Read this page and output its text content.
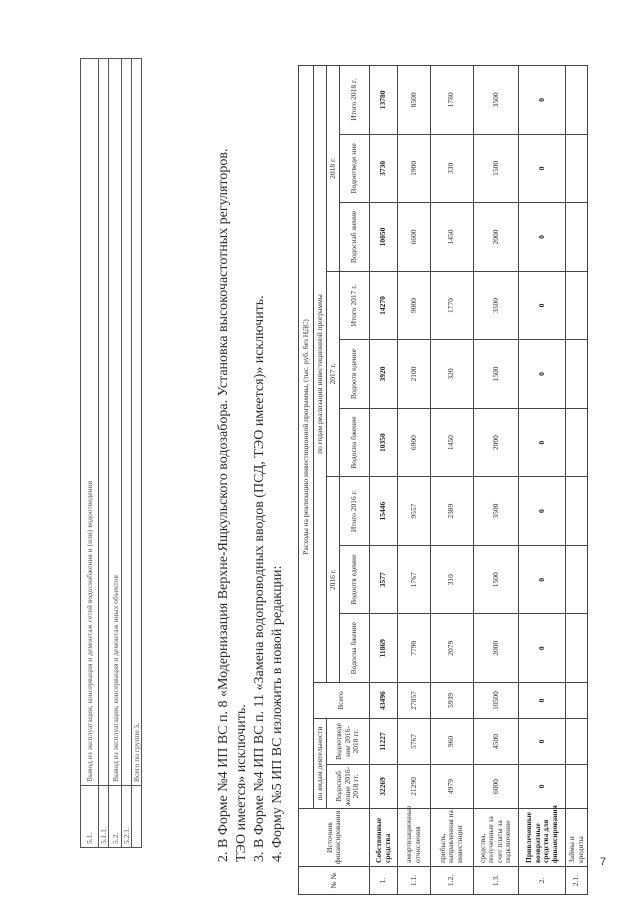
5.1.	Вывод из эксплуатации, консервация и демонтаж сетей водоснабжения и (или) водоотведения
5.1.1.	
5.2.	Вывод из эксплуатации, консервация и демонтаж иных объектов
5.2.1.	
	Всего по группе 5.	2. В Форме №4 ИП ВС п. 8 «Модернизация Верхне-Ящкульского водозабора. Установка высокочастотных регуляторов. ТЭО имеется» исключить. 3. В Форме №4 ИП ВС п. 11 «Замена водопроводных вводов (ПСД, ТЭО имеется)» исключить. 4. Форму №5 ИП ВС изложить в новой редакции:
№ №	Источник финансирования	Расходы на реализацию инвестиционной программы, (тыс. руб. без НДС)											
		по видам деятельности		Всего	по годам реализации инвестиционной программы								
		Водоснаб жение 2016-2018 гг.	Водоотведе ние 2016-2018 гг.		2016 г.			2017 г.			2018 г.		
					Водосна бжение	Водоотв едение	Итого 2016 г.	Водосна бжение	Водоотв едение	Итого 2017 г.	Водоснаб жение	Водоотведе ние	Итого 2018 г.
1.	Собственные средства	32269	11227	43496	11869	3577	15446	10350	3920	14270	10050	3730	13780
1.1.	амортизационные отчисления	21290	5767	27057	7790	1767	9557	6900	2100	9000	6600	1900	8500
1.2.	прибыль, направленная на инвестиции	4979	960	5939	2079	310	2389	1450	320	1770	1450	330	1780
1.3.	средства, полученные за счет платы за подключение	6000	4500	10500	2000	1500	3500	2000	1500	3500	2000	1500	3500
2.	Привлеченные возвратные средства для финансирования	0	0	0	0	0	0	0	0	0	0	0	0
2.1.	Займы и кредиты												7
